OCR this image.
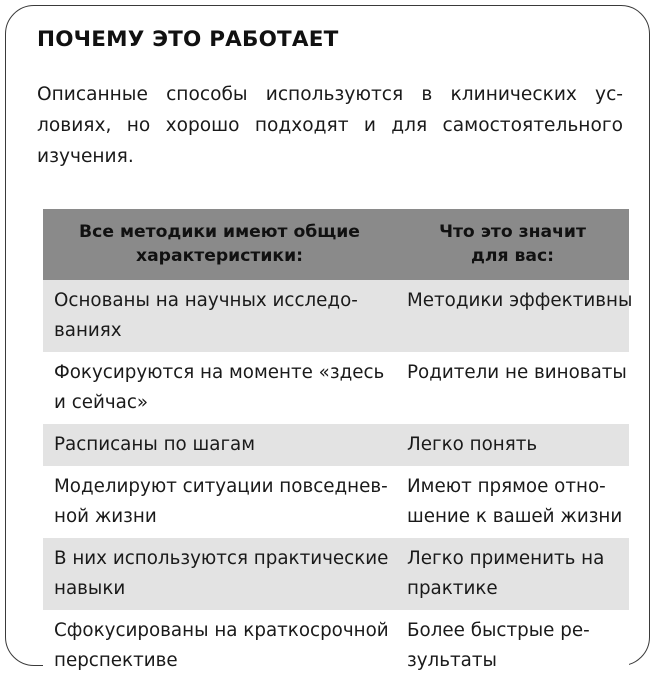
ПОЧЕМУ ЭТО РАБОТАЕТ

Описанные способы используются в клинических ус-
ловиях, но хорошо подходят и для самостоятельного
изучения.

Все методики имеют общие
характеристики:	Что это значит
для вас:

Основаны на научных исследо-
ваниях	Методики эффективны

Фокусируются на моменте «здесь
и сейчас»	Родители не виноваты

Расписаны по шагам	Легко понять

Моделируют ситуации повседнев-
ной жизни	Имеют прямое отно-
шение к вашей жизни

В них используются практические
навыки	Легко применить на
практике

Сфокусированы на краткосрочной
перспективе	Более быстрые ре-
зультаты
